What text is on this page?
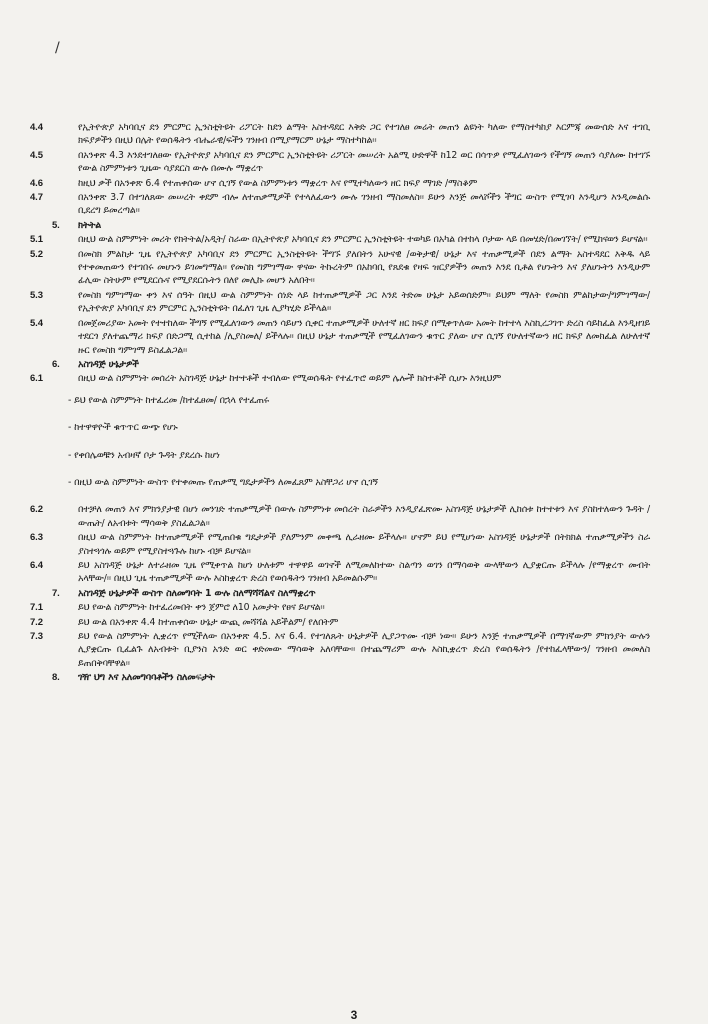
/
4.4	የኢትዮጵያ አካባቢና ደን ምርምር ኢንስቲትዩት ሪፖርት ከደን ልማት አስተዳደር እቅድ ጋር የተገለፀ መሬት መጠን ልዩነት ካለው የማስተካከያ እርምጃ መውሰድ እና ተገቢ ክፍያዎችን በዚህ በሌት የወሰዱትን ብሔራዊ/ፍችን ገንዘብ በሚያማርም ሁኔታ ማስተካከል፡፡
4.5	በአንቀጽ 4.3 እንደተገለፀው የኢትዮጵያ አካባቢና ደን ምርምር ኢንስቲትዩት ሪፖርት መሠረት አልሚ ሁድዋች ከ12 ወር በሳጥዎ የሚፈለገውን የችግኝ መጠን ሳያለሙ ከተገኙ የውል ስምምነቱን ጊዜው ሳያደርስ ውሉ በሙሉ ማቋረጥ
4.6	ከዚህ ቃች በአንቀጽ 6.4 የተጠቀሰው ሆኖ ሲገኝ የውል ስምምነቱን ማቋረጥ እና የሚተካለውን ዘር ክፍያ ማገድ /ማስቆም
4.7	በአንቀጽ 3.7 በተገለጸው መሠረት ቀደም ብሎ ለተጠቃሚዎች የተላለፈውን ሙሉ ገንዘብ ማስመለስ፡፡ ይሁን እንጅ መላሾችን ችግር ውስጥ የሚገባ እንዲሆን እንዲመልሱ ቢደረግ ይመረጣል፡፡
5. ክትትል
5.1	በዚህ ውል ስምምነት መሪት የክትትል/አዲት/ ስራው በኢትዮጵያ አካባቢና ደን ምርምር ኢንስቲትዩት ተወካይ በአካል በተከላ ቦታው ላይ በመሄድ/በመገኘት/ የሚከናወን ይሆናል፡፡
5.2	በመስክ ምልከታ ጊዜ የኢትዮጵያ አካባቢና ደን ምርምር ኢንስቲትዩት ችግኙ ያለበትን አሁናዊ /ወቅታዊ/ ሁኔታ እና ተጠቃሚዎች በደን ልማት አስተዳደር እቅዱ ላይ የተቀመጠውን የተገበሩ መሆኑን ይገመግማል፡፡ የመስክ ግምገማው ዋናው ትኩረትም በአከባቢ የጸደቁ የዛፍ ዝርያዎችን መጠን እንደ ቢቶል የሆኑትን እና ያለሆኑትን እንዲሁም ፊሊው ስትሁም የሚደርሱና የሚያደርሱትን በለየ መሊኩ መሆን አለበት፡፡
5.3	የመስክ ግምገማው ቀን እና ሰዓት በዚህ ውል ስምምነት ሰነድ ላይ ከተጠቃሚዎች ጋር እንደ ትድመ ሁኔታ አይወሰድም፡፡ ይህም ማለት የመስክ ምልከታው/ግምገማው/ የኢትዮጵያ አካባቢና ደን ምርምር ኢንስቲትዩት በፈለገ ጊዜ ሊያካሂድ ይችላል፡፡
5.4	በመጀመሪያው አመት የተተከለው ችግኝ የሚፈለገውን መጠን ሳይሆን ሲቀር ተጠቃሚዎች ሁለተኛ ዘር ክፍያ በሚቀጥለው አመት ከተተላ እስኪረጋገጥ ድረስ ሳይከፈል እንዲዘገይ ተደርጎ ያለተጨማሪ ክፍያ በድጋሚ ሲተከል /ሊያስመለ/ ይችላሉ፡፡ በዚህ ሁኔታ ተጠቃሚች የሚፈለገውን ቁጥር ያለው ሆኖ ሲገኝ የሁለተኛውን ዘር ክፍያ ለመክፈል ለሁለተኛ ዙር የመስክ ግምገማ ይስፈልጋል፡፡
6. አስገዳጅ ሁኔታዎች
6.1	በዚህ ውል ስምምነት መሰረት አስገዳጅ ሁኔታ ከተተቶች ተብለው የሚወሰዱት የተፈጥሮ ወይም ሌሎች ክስተቶች ሲሆኑ እንዚህም
- ይህ የውል ስምምነት ከተፈረመ /ከተፈፀመ/ በኋላ የተፈጠሩ
- ከተዋዋዮች ቁጥጥር ውጭ የሆኑ
- የቀበሌወቹን አብዛኛ ቦታ ጉዳት ያደረሱ ከሆነ
- በዚህ ውል ስምምነት ውስጥ የተቀመጡ የጠቃሚ ግዴታዎችን ለመፈጸም አስቸጋሪ ሆኖ ሲገኝ
6.2	በተቻለ መጠን እና ምክንያታዊ በሆነ መንገድ ተጠቃሚዎች በውሉ ስምምነቱ መሰረት ስራዎችን እንዲያፈጽሙ አስገዳጅ ሁኔታዎች ሊከሰቱ ከተተቱን እና ያስከተለውን ጉዳት /ውጤት/ ለአብቱት ማሳወቅ ያስፈልጋል፡፡
6.3	በዚህ ውል ስምምነት ከተጠቃሚዎች የሚጠበቁ ግዴታዎች ያለምንም መቀጫ ሊራዘሙ ይችላሉ፡፡ ሆኖም ይህ የሚሆነው አስገዳጅ ሁኔታዎች በትክክል ተጠቃሚዎችን ስራ ያስተጓጎሉ ወይም የሚያስተጓጉሉ ከሆኑ ብቻ ይሆናል፡፡
6.4	ይህ አስገዳጅ ሁኔታ ለተራዘመ ጊዜ የሚቀጥል ከሆነ ሁለቱም ተዋዋይ ወገኖች ለሚመለከተው ስልጣን ወገን በማሳወቅ ውላቸውን ሊያቋርጡ ይችላሉ /የማቋረጥ መብት አላቸው/፡፡ በዚህ ጊዜ ተጠቃሚዎች ውሉ እስከቋረጥ ድረስ የወሰዱትን ገንዘብ አይመልሱም፡፡
7. አስገዳጅ ሁኔታዎች ውስጥ ስለመግባት 1 ውሉ ስለማሻሻልና ስለማቋረጥ
7.1	ይህ የውል ስምምነት ከተፈረመበት ቀን ጀምሮ ለ10 አመታት የፀና ይሆናል፡፡
7.2	ይህ ውል በአንቀጽ 4.4 ከተጠቀሰው ሁኔታ ውጪ መሻሻል አይችልም/ የለበትም
7.3	ይህ የውል ስምምነት ሊቋረጥ የሚችለው በአንቀጽ 4.5. እና 6.4. የተገለጹት ሁኔታዎች ሊያጋጥሙ ብቻ ነው፡፡ ይሁን እንጅ ተጠቃሚዎች በማገኛውም ምክንያት ውሉን ሊያቋርጡ ቢፈልጉ ለአብቱት ቢያንስ አንድ ወር ቀድመው ማሳወቅ አለባቸው፡፡ በተጨማሪም ውሉ እስኪቋረጥ ድረስ የወሰዱትን /የተከፈላቸውን/ ገንዘብ መመለስ ይጠበቅባቸዋል፡፡
8. ገዥ ህግ እና አለመግባባቶችን ስለመፍታት
3
